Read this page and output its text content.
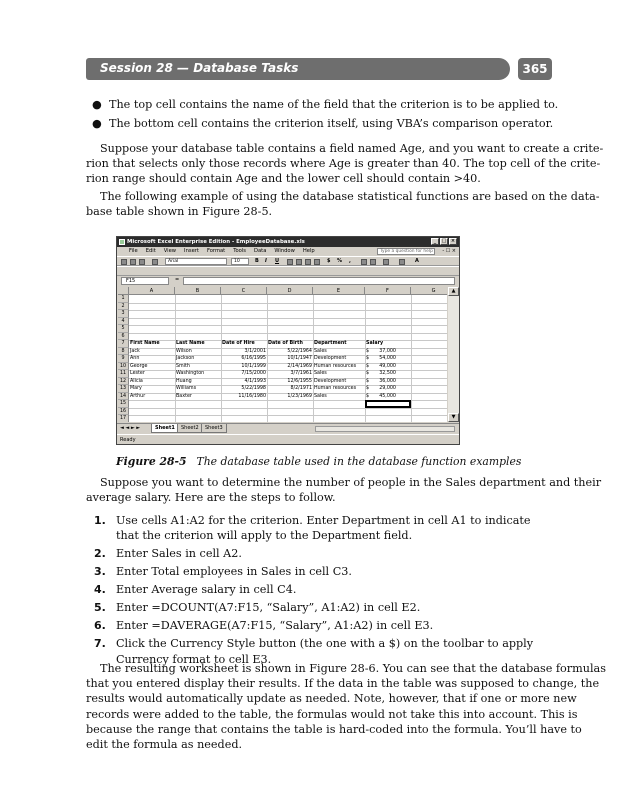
Session 28 — Database Tasks	365
● The top cell contains the name of the field that the criterion is to be applied to.
● The bottom cell contains the criterion itself, using VBA’s comparison operator.
Suppose your database table contains a field named Age, and you want to create a crite-
rion that selects only those records where Age is greater than 40. The top cell of the crite-
rion range should contain Age and the lower cell should contain >40.
The following example of using the database statistical functions are based on the data-
base table shown in Figure 28-5.
Microsoft Excel Enterprise Edition - EmployeeDatabase.xls	_	□ ×
File Edit View Insert Format Tools Data Window Help	Type a question for help	- ☐ ×
Arial	10	B I U	$ % ,	A
F15	=
A	B	C	D	E	F	G
1
2
3
4
5
6
7
8
9
10
11
12
13
14
15
16
17
First Name	Last Name	Date of Hire	Date of Birth	Department	Salary
Jack	Wilson	3/1/2001	5/22/1964 Sales	$	37,000
Ann	Jackson	6/16/1995	10/1/1947 Development	$	54,000
George	Smith	10/1/1999	2/14/1969 Human resources	$	49,000
Lester	Washington	7/15/2000	3/7/1961 Sales	$	32,500
Alicia	Huang	4/1/1993	12/6/1955 Development	$	36,000
Mary	Williams	5/22/1998	8/2/1971 Human resources	$	29,000
Arthur	Baxter	11/16/1980	1/23/1969 Sales	$	45,000
▲
▼
◄ ◄ ► ►	Sheet1	Sheet2	Sheet3
Ready
Figure 28-5 The database table used in the database function examples
Suppose you want to determine the number of people in the Sales department and their
average salary. Here are the steps to follow.
1. Use cells A1:A2 for the criterion. Enter Department in cell A1 to indicate that the criterion will apply to the Department field.
2. Enter Sales in cell A2.
3. Enter Total employees in Sales in cell C3.
4. Enter Average salary in cell C4.
5. Enter =DCOUNT(A7:F15, “Salary”, A1:A2) in cell E2.
6. Enter =DAVERAGE(A7:F15, “Salary”, A1:A2) in cell E3.
7. Click the Currency Style button (the one with a $) on the toolbar to apply Currency format to cell E3.
The resulting worksheet is shown in Figure 28-6. You can see that the database formulas
that you entered display their results. If the data in the table was supposed to change, the
results would automatically update as needed. Note, however, that if one or more new
records were added to the table, the formulas would not take this into account. This is
because the range that contains the table is hard-coded into the formula. You’ll have to
edit the formula as needed.
